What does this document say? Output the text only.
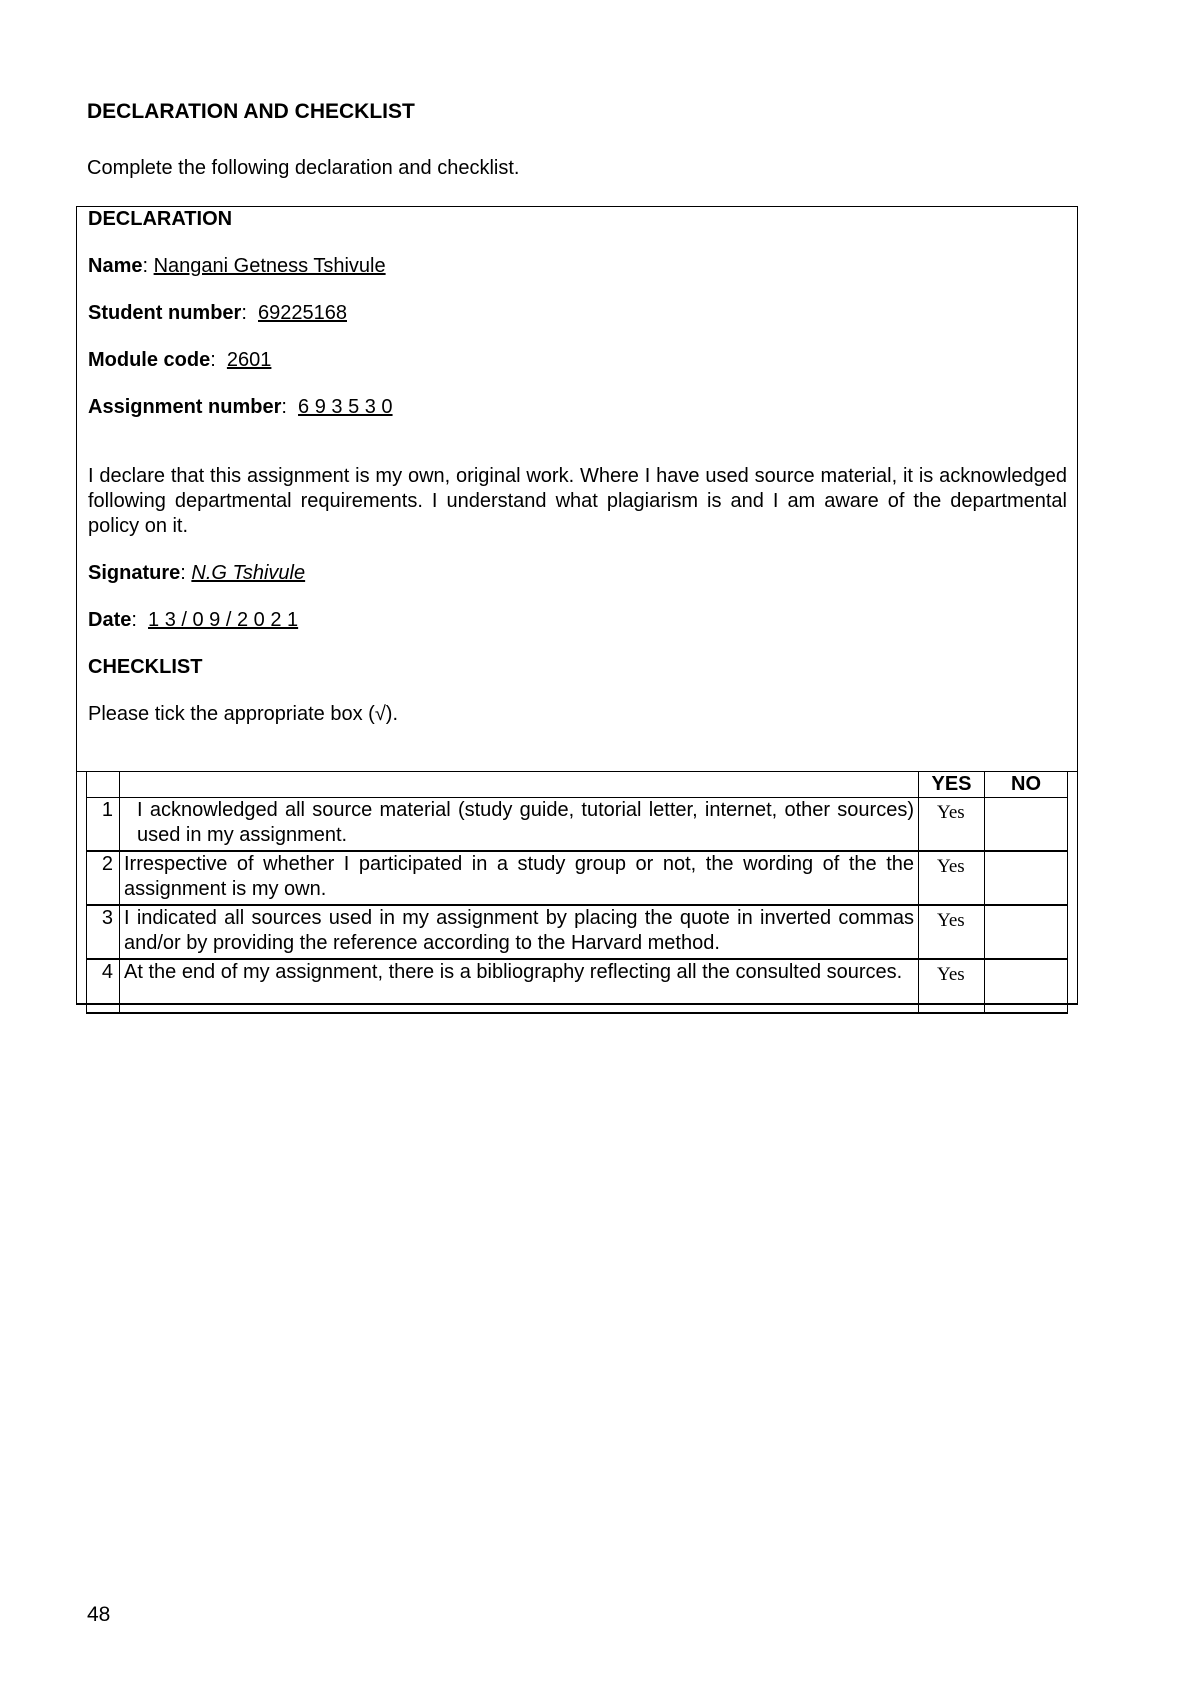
DECLARATION AND CHECKLIST

Complete the following declaration and checklist.

DECLARATION

Name: Nangani Getness Tshivule

Student number:  69225168

Module code:  2601

Assignment number:  6 9 3 5 3 0

I declare that this assignment is my own, original work. Where I have used source material, it is acknowledged following departmental requirements. I understand what plagiarism is and I am aware of the departmental policy on it.

Signature: N.G Tshivule

Date:  1 3 / 0 9 / 2 0 2 1

CHECKLIST

Please tick the appropriate box (√).

		YES	NO
1	I acknowledged all source material (study guide, tutorial letter, internet, other sources) used in my assignment.	Yes	
2	Irrespective of whether I participated in a study group or not, the wording of the the assignment is my own.	Yes	
3	I indicated all sources used in my assignment by placing the quote in inverted commas and/or by providing the reference according to the Harvard method.	Yes	
4	At the end of my assignment, there is a bibliography reflecting all the consulted sources.	Yes	

48
